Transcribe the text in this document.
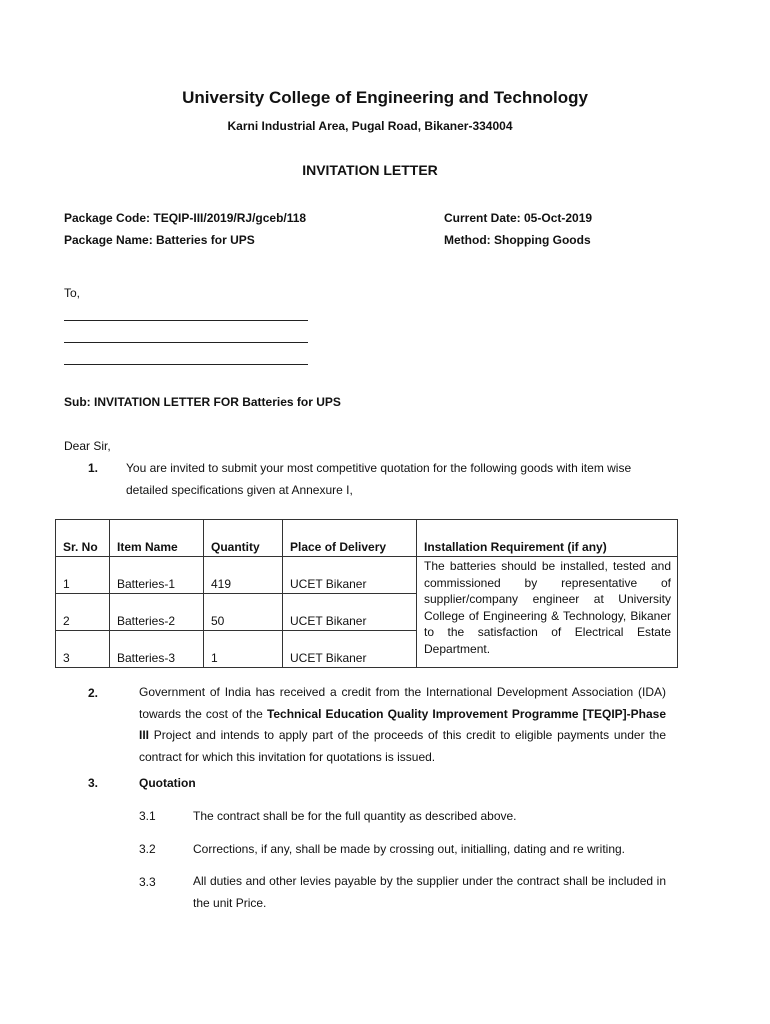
University College of Engineering and Technology
Karni Industrial Area, Pugal Road, Bikaner-334004
INVITATION LETTER
Package Code: TEQIP-III/2019/RJ/gceb/118	Current Date: 05-Oct-2019
Package Name: Batteries for UPS	Method: Shopping Goods
To,
Sub: INVITATION LETTER FOR Batteries for UPS
Dear Sir,
1. You are invited to submit your most competitive quotation for the following goods with item wise
detailed specifications given at Annexure I,
Sr. No	Item Name	Quantity	Place of Delivery	Installation Requirement (if any)
1	Batteries-1	419	UCET Bikaner	The batteries should be installed, tested and commissioned by representative of supplier/company engineer at University College of Engineering & Technology, Bikaner to the satisfaction of Electrical Estate Department.
2	Batteries-2	50	UCET Bikaner	
3	Batteries-3	1	UCET Bikaner	
2.	Government of India has received a credit from the International Development Association (IDA) towards the cost of the Technical Education Quality Improvement Programme [TEQIP]-Phase III Project and intends to apply part of the proceeds of this credit to eligible payments under the contract for which this invitation for quotations is issued.
3.	Quotation
3.1	The contract shall be for the full quantity as described above.
3.2	Corrections, if any, shall be made by crossing out, initialling, dating and re writing.
3.3	All duties and other levies payable by the supplier under the contract shall be included in the unit Price.
